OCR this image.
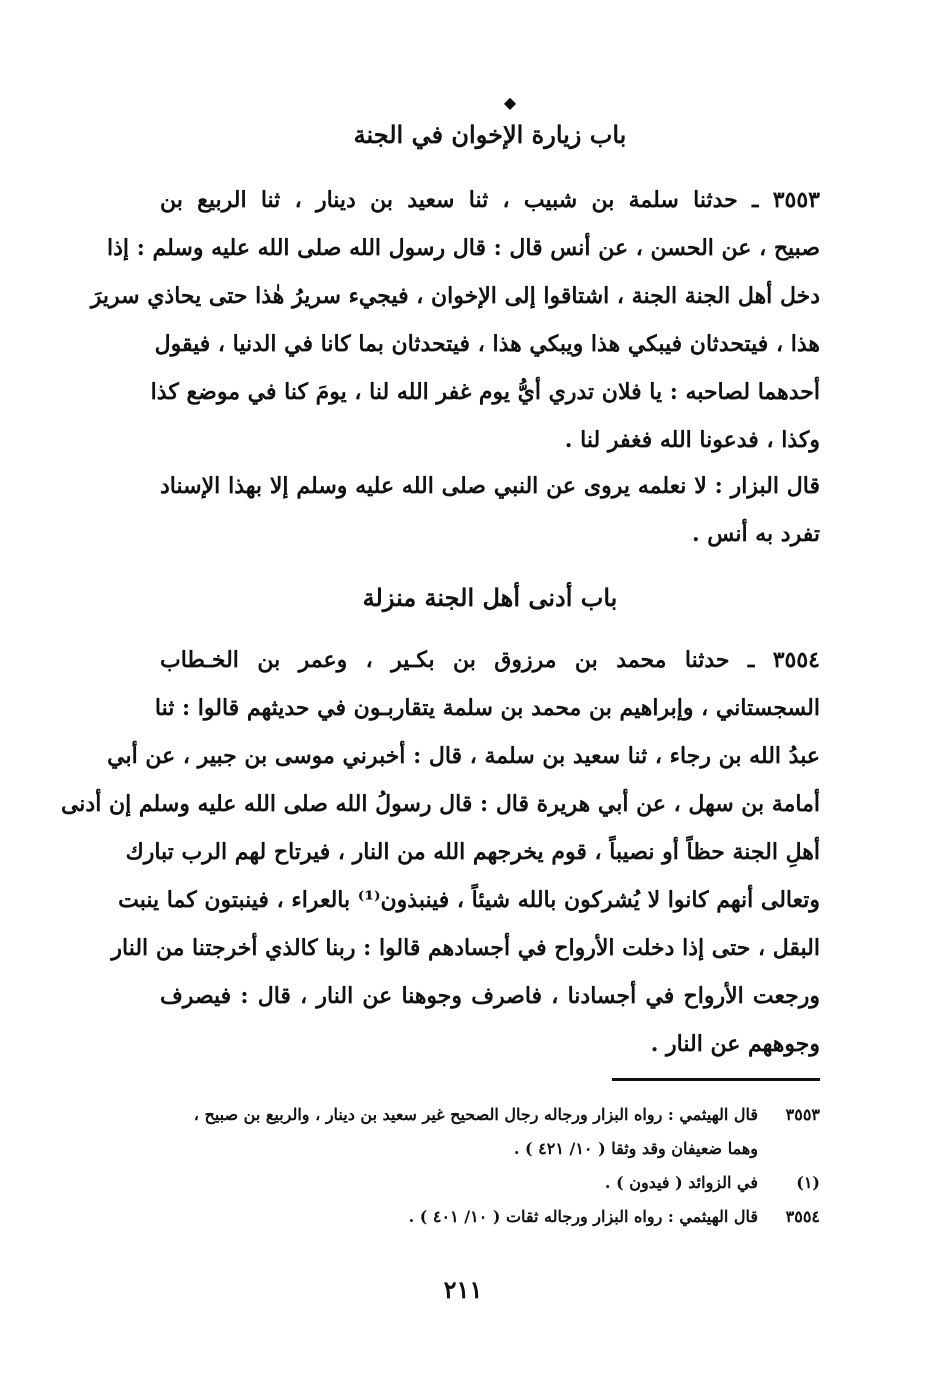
◆
باب زيارة الإخوان في الجنة
٣٥٥٣ ـ حدثنا سلمة بن شبيب ، ثنا سعيد بن دينار ، ثنا الربيع بن
صبيح ، عن الحسن ، عن أنس قال : قال رسول الله صلى الله عليه وسلم : إذا
دخل أهل الجنة الجنة ، اشتاقوا إلى الإخوان ، فيجيء سريرُ هٰذا حتى يحاذي سريرَ
هذا ، فيتحدثان فيبكي هذا ويبكي هذا ، فيتحدثان بما كانا في الدنيا ، فيقول
أحدهما لصاحبه : يا فلان تدري أيُّ يوم غفر الله لنا ، يومَ كنا في موضع كذا
وكذا ، فدعونا الله فغفر لنا .
قال البزار : لا نعلمه يروى عن النبي صلى الله عليه وسلم إلا بهذا الإسناد
تفرد به أنس .
باب أدنى أهل الجنة منزلة
٣٥٥٤ ـ حدثنا محمد بن مرزوق بن بكـير ، وعمر بن الخـطاب
السجستاني ، وإبراهيم بن محمد بن سلمة يتقاربـون في حديثهم قالوا : ثنا
عبدُ الله بن رجاء ، ثنا سعيد بن سلمة ، قال : أخبرني موسى بن جبير ، عن أبي
أمامة بن سهل ، عن أبي هريرة قال : قال رسولُ الله صلى الله عليه وسلم إن أدنى
أهلِ الجنة حظاً أو نصيباً ، قوم يخرجهم الله من النار ، فيرتاح لهم الرب تبارك
وتعالى أنهم كانوا لا يُشركون بالله شيئاً ، فينبذون⁽¹⁾ بالعراء ، فينبتون كما ينبت
البقل ، حتى إذا دخلت الأرواح في أجسادهم قالوا : ربنا كالذي أخرجتنا من النار
ورجعت الأرواح في أجسادنا ، فاصرف وجوهنا عن النار ، قال : فيصرف
وجوههم عن النار .
٣٥٥٣قال الهيثمي : رواه البزار ورجاله رجال الصحيح غير سعيد بن دينار ، والربيع بن صبيح ،
وهما ضعيفان وقد وثقا ( ١٠/ ٤٢١ ) .
(١)في الزوائد ( فيدون ) .
٣٥٥٤قال الهيثمي : رواه البزار ورجاله ثقات ( ١٠/ ٤٠١ ) .
٢١١
